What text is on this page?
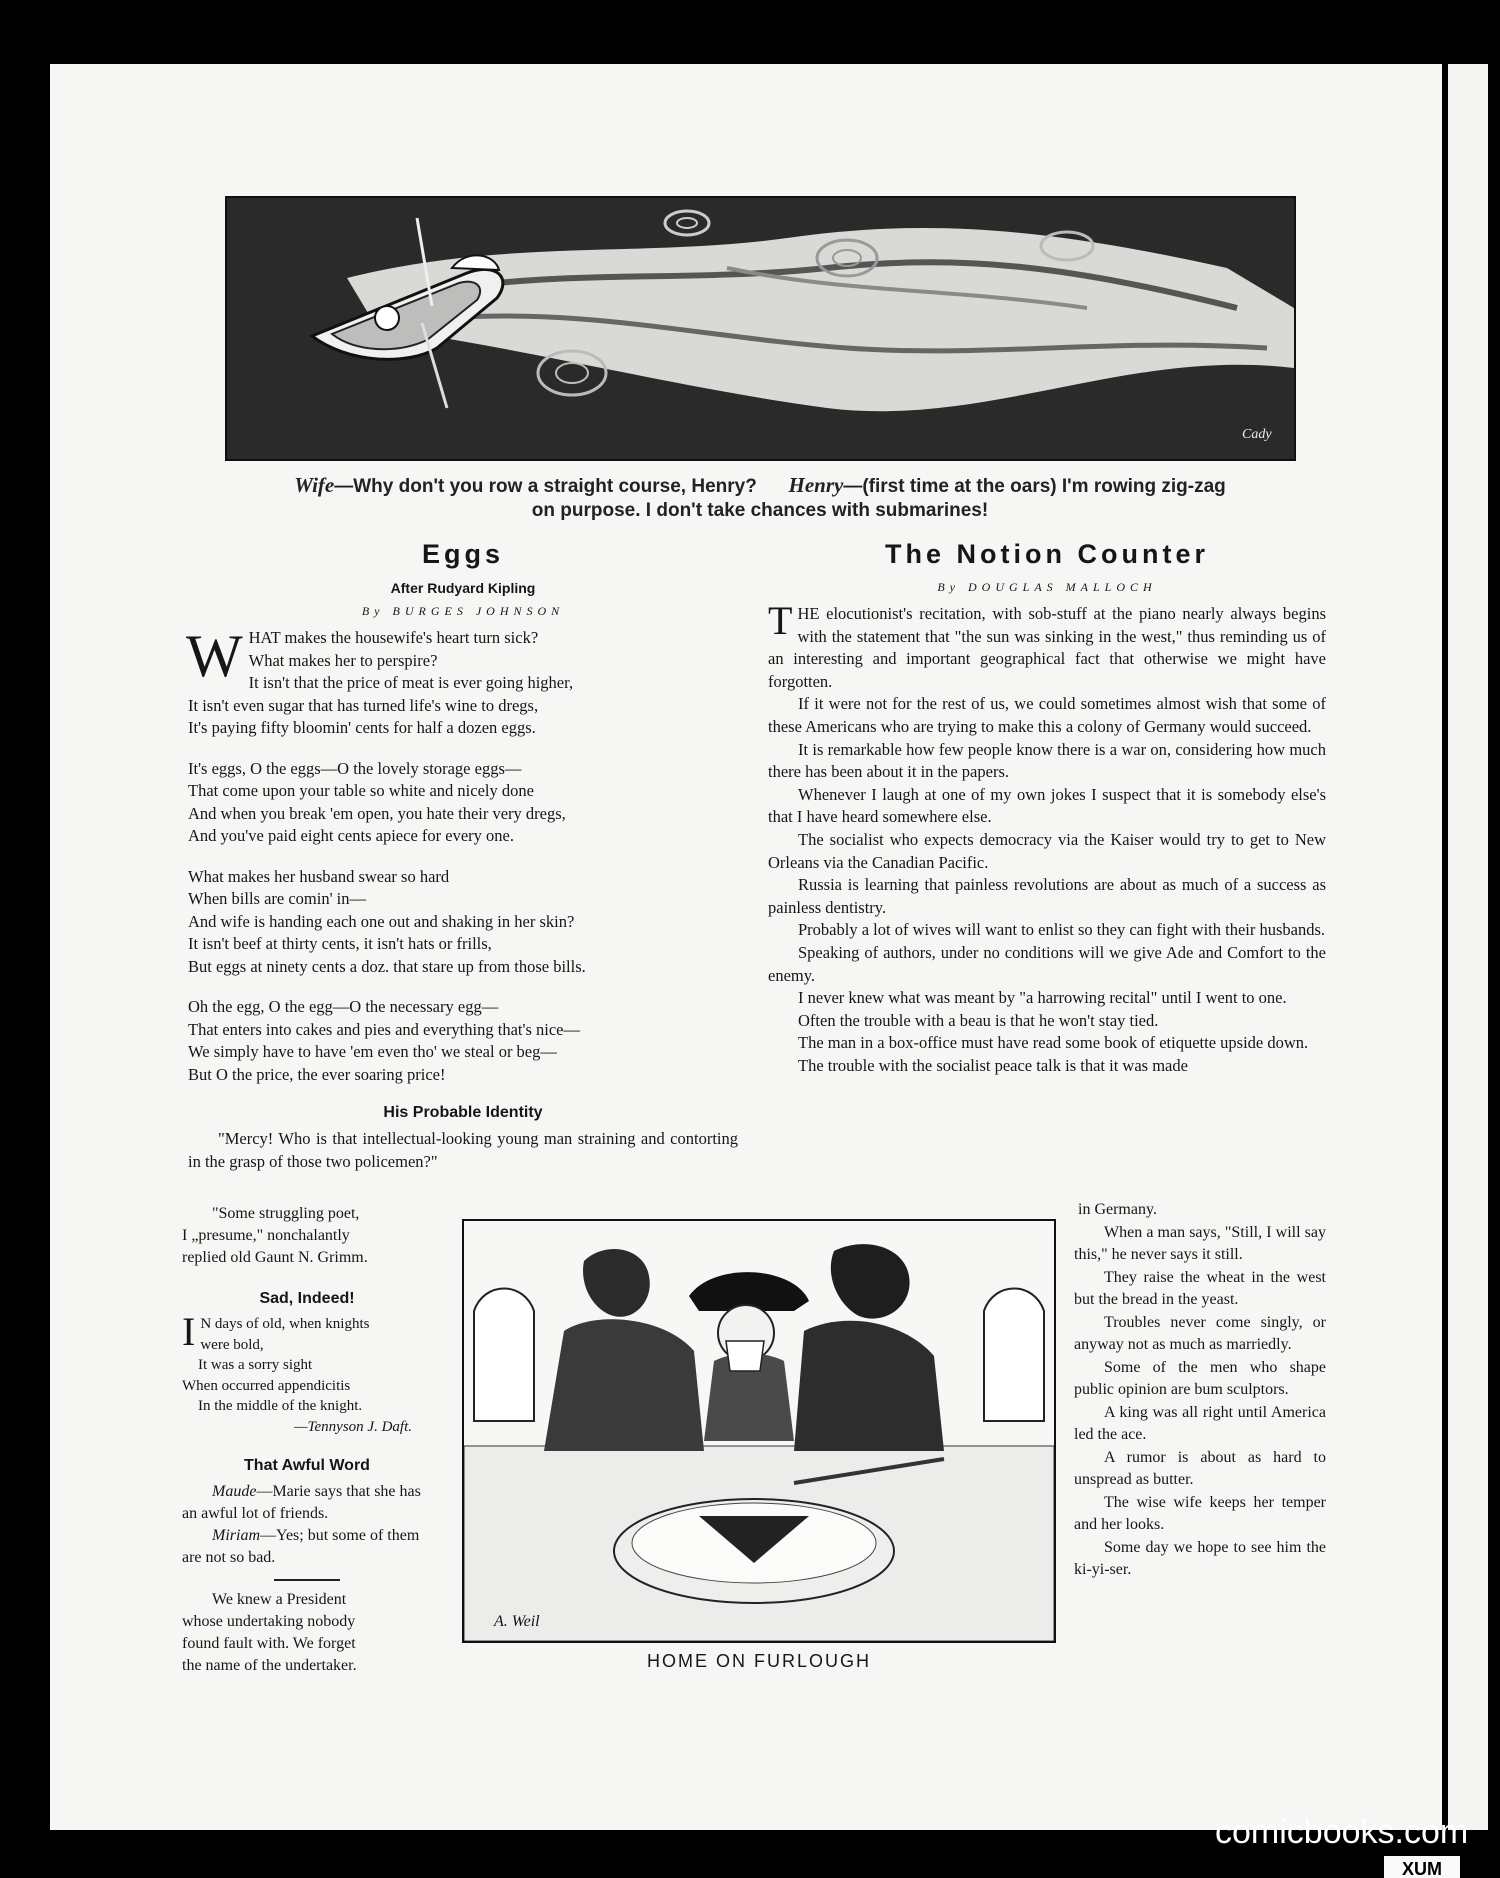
Cady
Wife—Why don't you row a straight course, Henry? Henry—(first time at the oars) I'm rowing zig-zag
on purpose. I don't take chances with submarines!
Eggs
After Rudyard Kipling
By BURGES JOHNSON
W HAT makes the housewife's heart turn sick?
What makes her to perspire?
It isn't that the price of meat is ever going higher,
It isn't even sugar that has turned life's wine to dregs,
It's paying fifty bloomin' cents for half a dozen eggs.
It's eggs, O the eggs—O the lovely storage eggs—
That come upon your table so white and nicely done
And when you break 'em open, you hate their very dregs,
And you've paid eight cents apiece for every one.
What makes her husband swear so hard
When bills are comin' in—
And wife is handing each one out and shaking in her skin?
It isn't beef at thirty cents, it isn't hats or frills,
But eggs at ninety cents a doz. that stare up from those bills.
Oh the egg, O the egg—O the necessary egg—
That enters into cakes and pies and everything that's nice—
We simply have to have 'em even tho' we steal or beg—
But O the price, the ever soaring price!
His Probable Identity

"Mercy! Who is that intellectual-looking young man straining and contorting in the grasp of those two policemen?"

"Some struggling poet,

I „presume," nonchalantly

replied old Gaunt N. Grimm.

Sad, Indeed!
I N days of old, when knights
were bold,
It was a sorry sight
When occurred appendicitis
In the middle of the knight.
—Tennyson J. Daft.
That Awful Word

Maude—Marie says that she has an awful lot of friends.

Miriam—Yes; but some of them are not so bad.

We knew a President

whose undertaking nobody

found fault with. We forget

the name of the undertaker.

The Notion Counter
By DOUGLAS MALLOCH

THE elocutionist's recitation, with sob-stuff at the piano nearly always begins with the statement that "the sun was sinking in the west," thus reminding us of an interesting and important geographical fact that otherwise we might have forgotten.

If it were not for the rest of us, we could sometimes almost wish that some of these Americans who are trying to make this a colony of Germany would succeed.

It is remarkable how few people know there is a war on, considering how much there has been about it in the papers.

Whenever I laugh at one of my own jokes I suspect that it is somebody else's that I have heard somewhere else.

The socialist who expects democracy via the Kaiser would try to get to New Orleans via the Canadian Pacific.

Russia is learning that painless revolutions are about as much of a success as painless dentistry.

Probably a lot of wives will want to enlist so they can fight with their husbands.

Speaking of authors, under no conditions will we give Ade and Comfort to the enemy.

I never knew what was meant by "a harrowing recital" until I went to one.

Often the trouble with a beau is that he won't stay tied.

The man in a box-office must have read some book of etiquette upside down.

The trouble with the socialist peace talk is that it was made

in Germany.

When a man says, "Still, I will say this," he never says it still.

They raise the wheat in the west but the bread in the yeast.

Troubles never come singly, or anyway not as much as marriedly.

Some of the men who shape public opinion are bum sculptors.

A king was all right until America led the ace.

A rumor is about as hard to unspread as butter.

The wise wife keeps her temper and her looks.

Some day we hope to see him the ki-yi-ser.

A. Weil
HOME ON FURLOUGH
comicbooks.com
XUM
